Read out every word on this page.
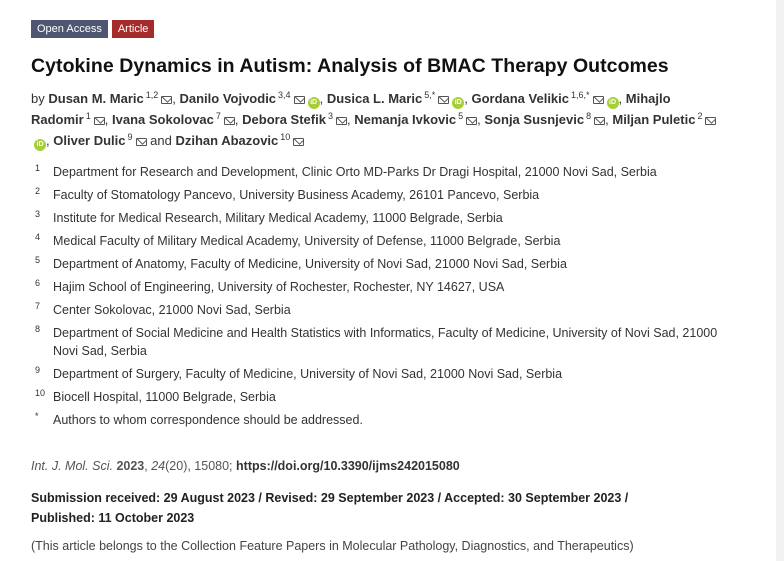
Open Access	Article
Cytokine Dynamics in Autism: Analysis of BMAC Therapy Outcomes
by Dusan M. Maric $^{1,2}$ , Danilo Vojvodic $^{3,4}$iD , Dusica L. Maric $^{5,*}$iD , Gordana Velikic $^{1,6,*}$iD , Mihajlo Radomir $^1$ , Ivana Sokolovac $^7$ , Debora Stefik $^3$ , Nemanja Ivkovic $^5$ , Sonja Susnjevic $^8$ , Miljan Puletic $^2$iD , Oliver Dulic $^9$ and Dzihan Abazovic $^{10}$
1 Department for Research and Development, Clinic Orto MD-Parks Dr Dragi Hospital, 21000 Novi Sad, Serbia
2 Faculty of Stomatology Pancevo, University Business Academy, 26101 Pancevo, Serbia
3 Institute for Medical Research, Military Medical Academy, 11000 Belgrade, Serbia
4 Medical Faculty of Military Medical Academy, University of Defense, 11000 Belgrade, Serbia
5 Department of Anatomy, Faculty of Medicine, University of Novi Sad, 21000 Novi Sad, Serbia
6 Hajim School of Engineering, University of Rochester, Rochester, NY 14627, USA
7 Center Sokolovac, 21000 Novi Sad, Serbia
8 Department of Social Medicine and Health Statistics with Informatics, Faculty of Medicine, University of Novi Sad, 21000 Novi Sad, Serbia
9 Department of Surgery, Faculty of Medicine, University of Novi Sad, 21000 Novi Sad, Serbia
10 Biocell Hospital, 11000 Belgrade, Serbia
* Authors to whom correspondence should be addressed.
Int. J. Mol. Sci. 2023, 24(20), 15080; https://doi.org/10.3390/ijms242015080
Submission received: 29 August 2023 / Revised: 29 September 2023 / Accepted: 30 September 2023 / Published: 11 October 2023
(This article belongs to the Collection Feature Papers in Molecular Pathology, Diagnostics, and Therapeutics)
